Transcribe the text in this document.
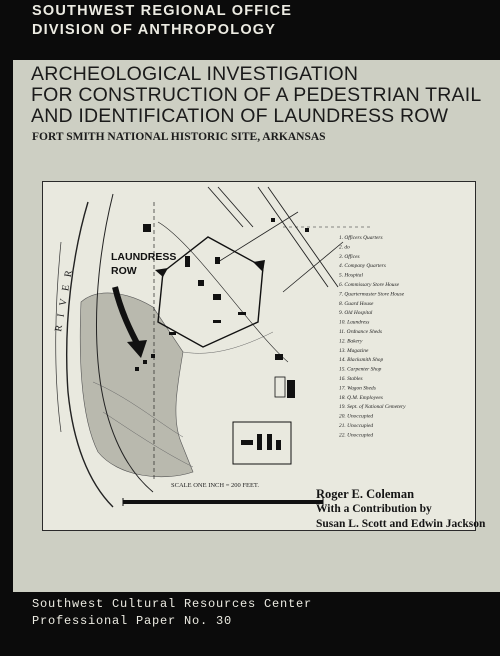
SOUTHWEST REGIONAL OFFICE
DIVISION OF ANTHROPOLOGY
ARCHEOLOGICAL INVESTIGATION
FOR CONSTRUCTION OF A PEDESTRIAN TRAIL
AND IDENTIFICATION OF LAUNDRESS ROW
FORT SMITH NATIONAL HISTORIC SITE, ARKANSAS
RIVER
LAUNDRESS
ROW
SCALE ONE INCH = 200 FEET.
1. Officers Quarters
2. do
3. Offices
4. Company Quarters
5. Hospital
6. Commissary Store House
7. Quartermaster Store House
8. Guard House
9. Old Hospital
10. Laundress
11. Ordnance Sheds
12. Bakery
13. Magazine
14. Blacksmith Shop
15. Carpenter Shop
16. Stables
17. Wagon Sheds
18. Q.M. Employees
19. Sept. of National Cemetery
20. Unoccupied
21. Unoccupied
22. Unoccupied
Roger E. Coleman
With a Contribution by
Susan L. Scott and Edwin Jackson
Southwest Cultural Resources Center
Professional Paper No. 30
